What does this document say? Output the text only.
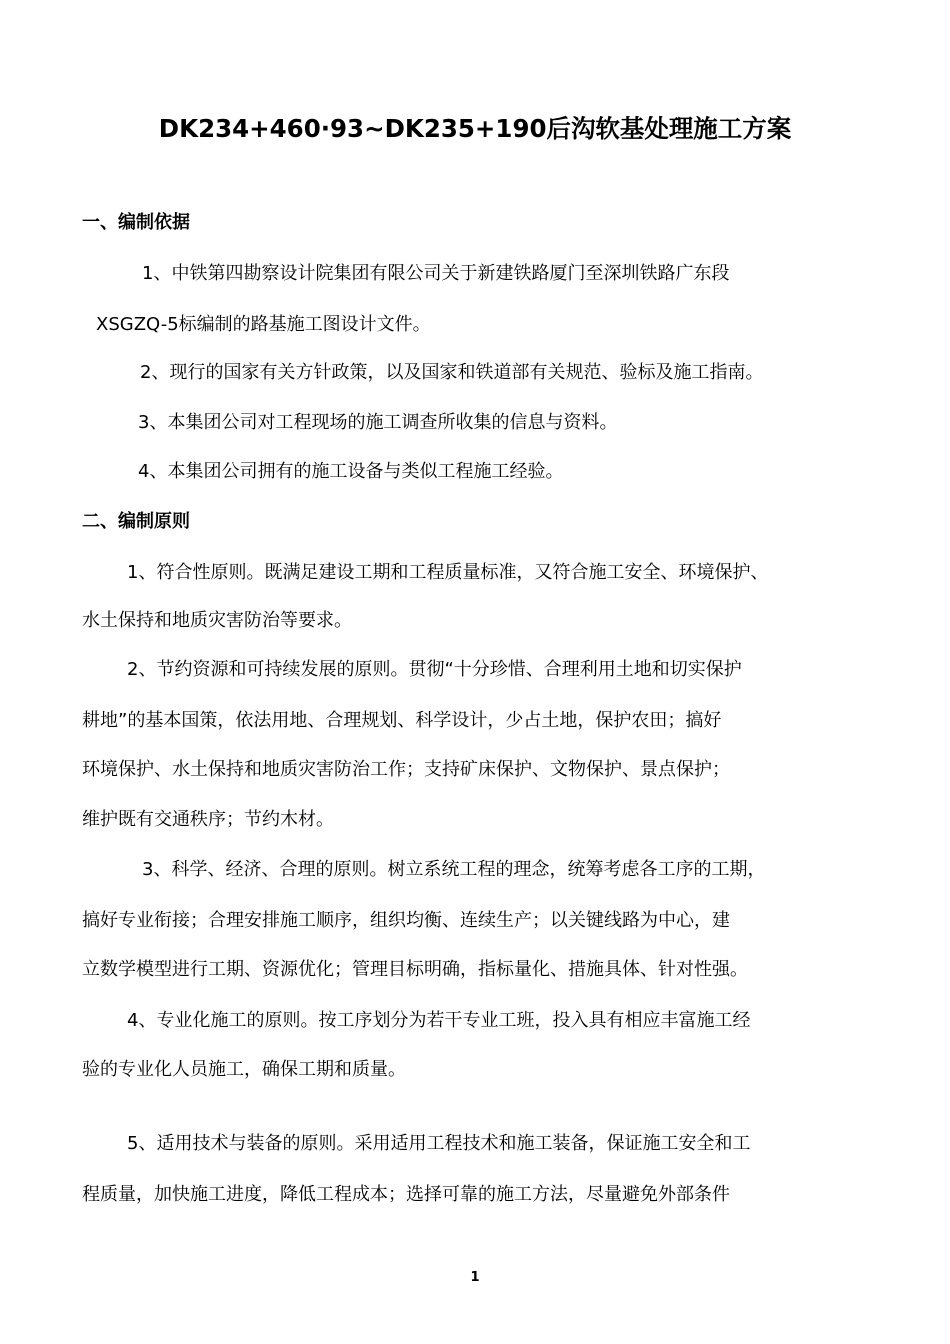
DK234+460·93~DK235+190后沟软基处理施工方案
一、编制依据
1、中铁第四勘察设计院集团有限公司关于新建铁路厦门至深圳铁路广东段
XSGZQ-5标编制的路基施工图设计文件。
2、现行的国家有关方针政策，以及国家和铁道部有关规范、验标及施工指南。
3、本集团公司对工程现场的施工调查所收集的信息与资料。
4、本集团公司拥有的施工设备与类似工程施工经验。
二、编制原则
1、符合性原则。既满足建设工期和工程质量标准，又符合施工安全、环境保护、
水土保持和地质灾害防治等要求。
2、节约资源和可持续发展的原则。贯彻“十分珍惜、合理利用土地和切实保护
耕地”的基本国策，依法用地、合理规划、科学设计，少占土地，保护农田；搞好
环境保护、水土保持和地质灾害防治工作；支持矿床保护、文物保护、景点保护；
维护既有交通秩序；节约木材。
3、科学、经济、合理的原则。树立系统工程的理念，统筹考虑各工序的工期，
搞好专业衔接；合理安排施工顺序，组织均衡、连续生产；以关键线路为中心，建
立数学模型进行工期、资源优化；管理目标明确，指标量化、措施具体、针对性强。
4、专业化施工的原则。按工序划分为若干专业工班，投入具有相应丰富施工经
验的专业化人员施工，确保工期和质量。
5、适用技术与装备的原则。采用适用工程技术和施工装备，保证施工安全和工
程质量，加快施工进度，降低工程成本；选择可靠的施工方法，尽量避免外部条件
1
